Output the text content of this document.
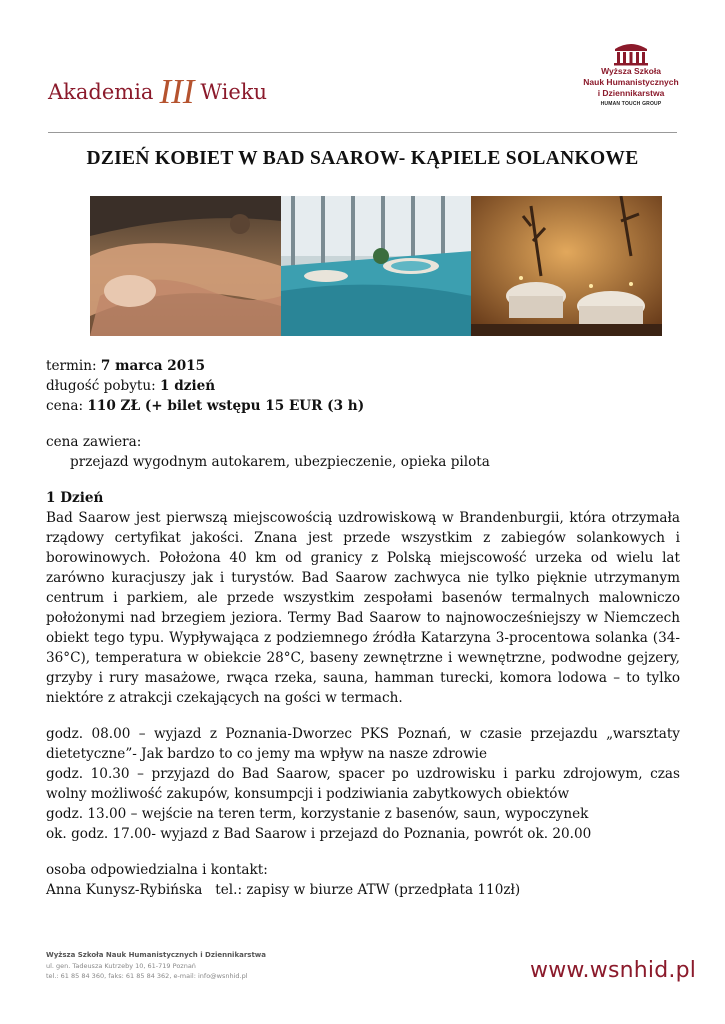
Akademia III Wieku
Wyższa Szkoła
Nauk Humanistycznych
i Dziennikarstwa
HUMAN TOUCH GROUP
DZIEŃ KOBIET W BAD SAAROW- KĄPIELE SOLANKOWE

termin: 7 marca 2015

długość pobytu: 1 dzień

cena: 110 ZŁ (+ bilet wstępu 15 EUR (3 h)

cena zawiera:

przejazd wygodnym autokarem, ubezpieczenie, opieka pilota

1 Dzień

Bad Saarow jest pierwszą miejscowością uzdrowiskową w Brandenburgii, która otrzymała rządowy certyfikat jakości. Znana jest przede wszystkim z zabiegów solankowych i borowinowych. Położona 40 km od granicy z Polską miejscowość urzeka od wielu lat zarówno kuracjuszy jak i turystów. Bad Saarow zachwyca nie tylko pięknie utrzymanym centrum i parkiem, ale przede wszystkim zespołami basenów termalnych malowniczo położonymi nad brzegiem jeziora. Termy Bad Saarow to najnowocześniejszy w Niemczech obiekt tego typu. Wypływająca z podziemnego źródła Katarzyna 3-procentowa solanka (34-36°C), temperatura w obiekcie 28°C, baseny zewnętrzne i wewnętrzne, podwodne gejzery, grzyby i rury masażowe, rwąca rzeka, sauna, hamman turecki, komora lodowa – to tylko niektóre z atrakcji czekających na gości w termach.

godz. 08.00 – wyjazd z Poznania-Dworzec PKS Poznań, w czasie przejazdu „warsztaty dietetyczne”- Jak bardzo to co jemy ma wpływ na nasze zdrowie

godz. 10.30 – przyjazd do Bad Saarow, spacer po uzdrowisku i parku zdrojowym, czas wolny możliwość zakupów, konsumpcji i podziwiania zabytkowych obiektów

godz. 13.00 – wejście na teren term, korzystanie z basenów, saun, wypoczynek

ok. godz. 17.00- wyjazd z Bad Saarow i przejazd do Poznania, powrót ok. 20.00

osoba odpowiedzialna i kontakt:

Anna Kunysz-Rybińska   tel.: zapisy w biurze ATW (przedpłata 110zł)

Wyższa Szkoła Nauk Humanistycznych i Dziennikarstwa
ul. gen. Tadeusza Kutrzeby 10, 61-719 Poznań
tel.: 61 85 84 360, faks: 61 85 84 362, e-mail: info@wsnhid.pl	www.wsnhid.pl
